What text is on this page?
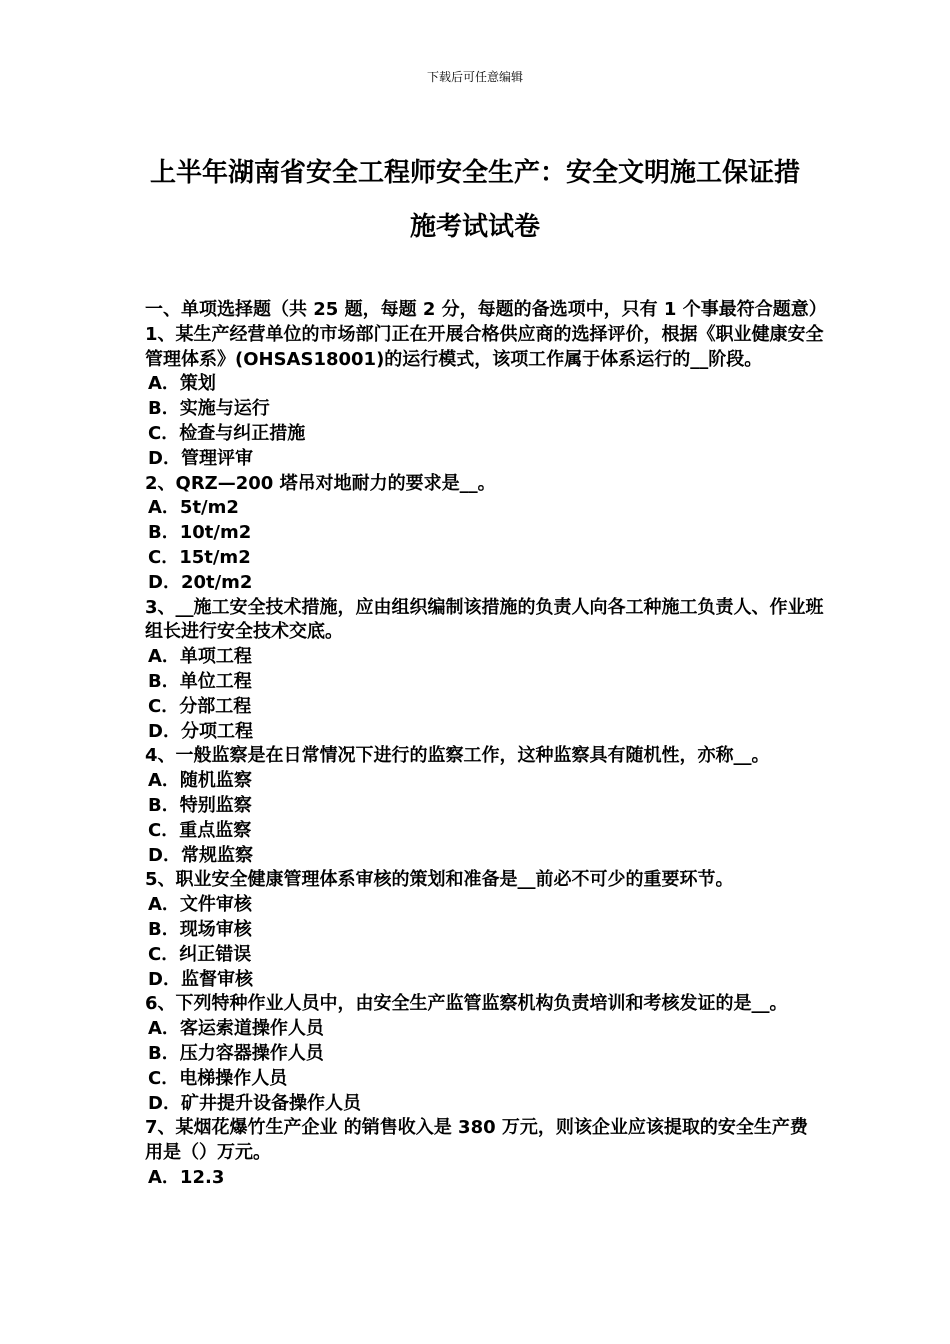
下载后可任意编辑
上半年湖南省安全工程师安全生产：安全文明施工保证措施考试试卷

一、单项选择题（共 25 题，每题 2 分，每题的备选项中，只有 1 个事最符合题意）

1、某生产经营单位的市场部门正在开展合格供应商的选择评价，根据《职业健康安全管理体系》(OHSAS18001)的运行模式，该项工作属于体系运行的__阶段。

A．策划

B．实施与运行

C．检查与纠正措施

D．管理评审

2、QRZ—200 塔吊对地耐力的要求是__。

A．5t/m2

B．10t/m2

C．15t/m2

D．20t/m2

3、__施工安全技术措施，应由组织编制该措施的负责人向各工种施工负责人、作业班组长进行安全技术交底。

A．单项工程

B．单位工程

C．分部工程

D．分项工程

4、一般监察是在日常情况下进行的监察工作，这种监察具有随机性，亦称__。

A．随机监察

B．特别监察

C．重点监察

D．常规监察

5、职业安全健康管理体系审核的策划和准备是__前必不可少的重要环节。

A．文件审核

B．现场审核

C．纠正错误

D．监督审核

6、下列特种作业人员中，由安全生产监管监察机构负责培训和考核发证的是__。

A．客运索道操作人员

B．压力容器操作人员

C．电梯操作人员

D．矿井提升设备操作人员

7、某烟花爆竹生产企业 的销售收入是 380 万元，则该企业应该提取的安全生产费用是（）万元。

A．12.3
